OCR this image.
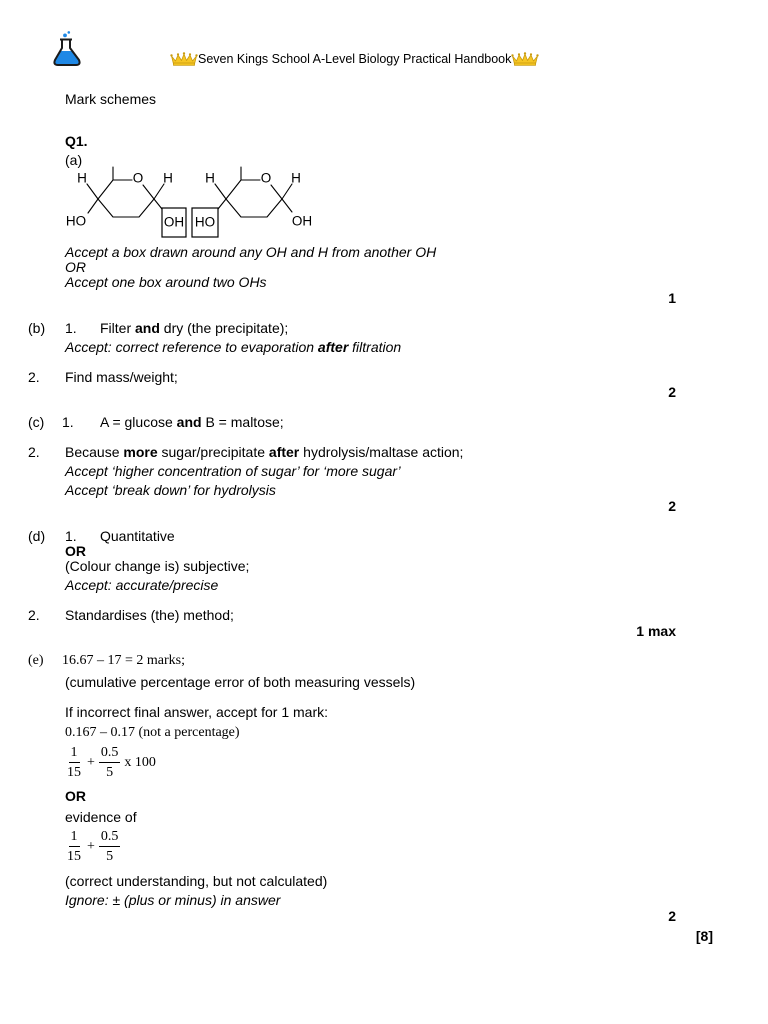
Seven Kings School A-Level Biology Practical Handbook
Mark schemes
Q1.
(a)
H	O H
HO	OH
H	O H
HO	OH
Accept a box drawn around any OH and H from another OH
OR
Accept one box around two OHs
1
(b) 1. Filter and dry (the precipitate);
Accept: correct reference to evaporation after filtration
2. Find mass/weight;
2
(c) 1. A = glucose and B = maltose;
2. Because more sugar/precipitate after hydrolysis/maltase action;
Accept ‘higher concentration of sugar’ for ‘more sugar’
Accept ‘break down’ for hydrolysis
2
(d) 1. Quantitative
OR
(Colour change is) subjective;
Accept: accurate/precise
2. Standardises (the) method;
1 max
(e) 16.67 – 17 = 2 marks;
(cumulative percentage error of both measuring vessels)
If incorrect final answer, accept for 1 mark:
0.167 – 0.17 (not a percentage)
$\frac{1}{15} + \frac{0.5}{5}$ x 100
OR
evidence of
$\frac{1}{15} + \frac{0.5}{5}$
(correct understanding, but not calculated)
Ignore: ± (plus or minus) in answer
2
[8]
